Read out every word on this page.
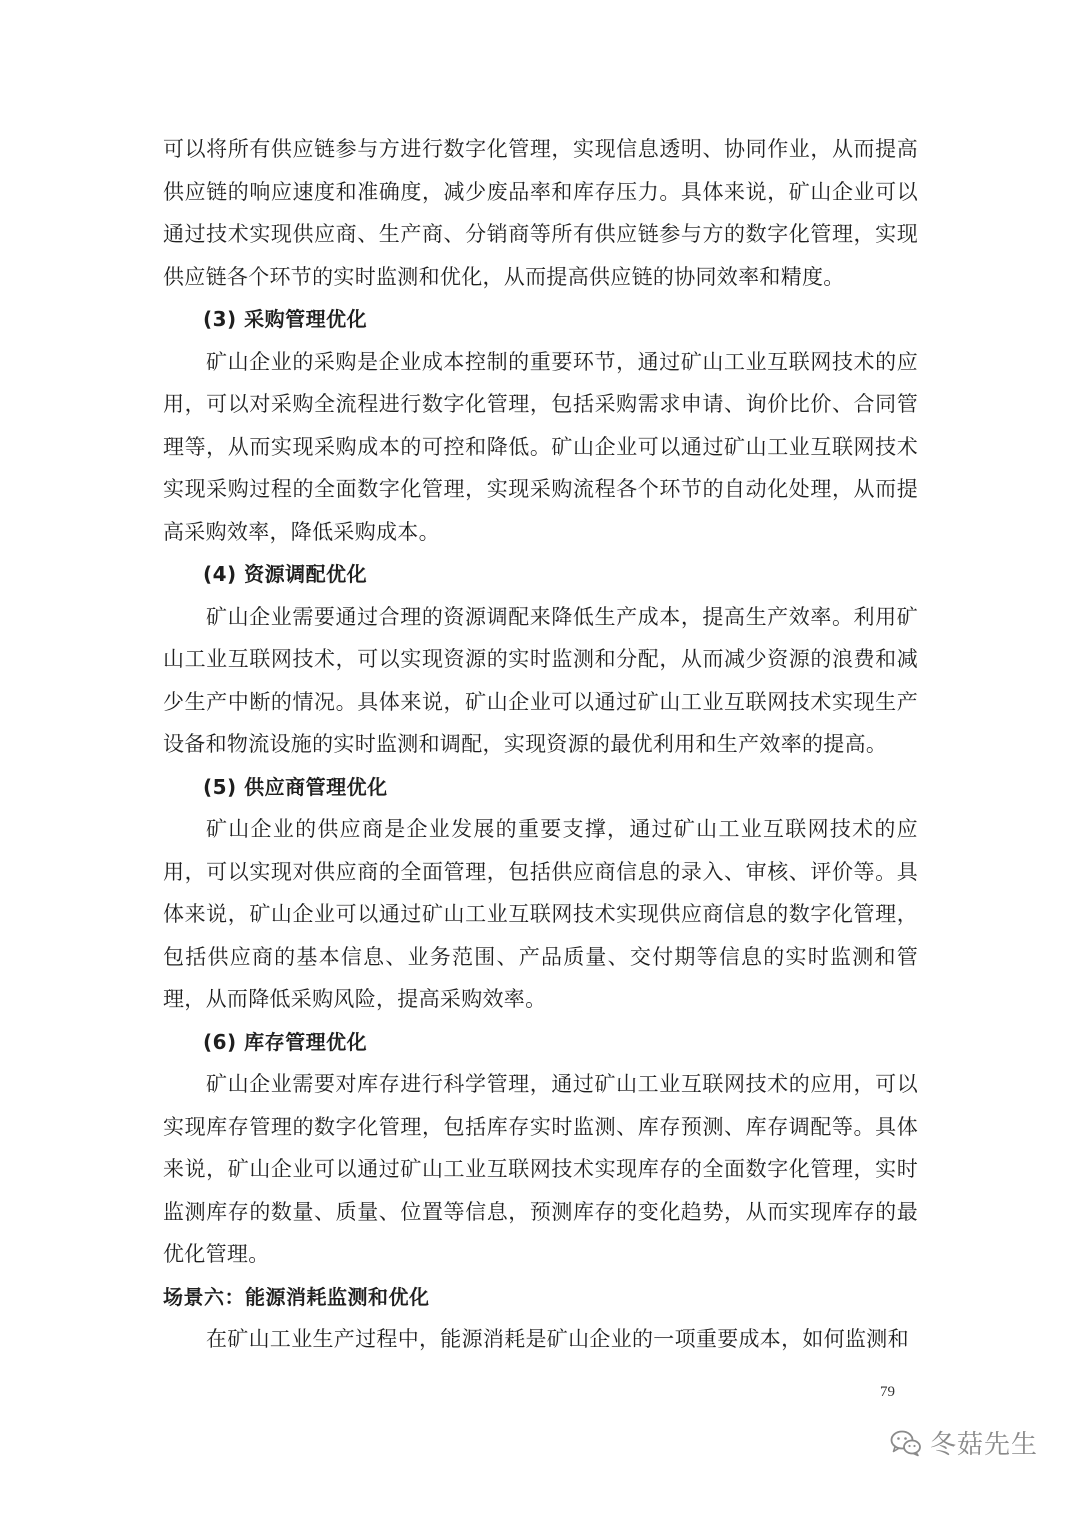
可以将所有供应链参与方进行数字化管理，实现信息透明、协同作业，从而提高供应链的响应速度和准确度，减少废品率和库存压力。具体来说，矿山企业可以通过技术实现供应商、生产商、分销商等所有供应链参与方的数字化管理，实现供应链各个环节的实时监测和优化，从而提高供应链的协同效率和精度。

(3) 采购管理优化

矿山企业的采购是企业成本控制的重要环节，通过矿山工业互联网技术的应用，可以对采购全流程进行数字化管理，包括采购需求申请、询价比价、合同管理等，从而实现采购成本的可控和降低。矿山企业可以通过矿山工业互联网技术实现采购过程的全面数字化管理，实现采购流程各个环节的自动化处理，从而提高采购效率，降低采购成本。

(4) 资源调配优化

矿山企业需要通过合理的资源调配来降低生产成本，提高生产效率。利用矿山工业互联网技术，可以实现资源的实时监测和分配，从而减少资源的浪费和减少生产中断的情况。具体来说，矿山企业可以通过矿山工业互联网技术实现生产设备和物流设施的实时监测和调配，实现资源的最优利用和生产效率的提高。

(5) 供应商管理优化

矿山企业的供应商是企业发展的重要支撑，通过矿山工业互联网技术的应用，可以实现对供应商的全面管理，包括供应商信息的录入、审核、评价等。具体来说，矿山企业可以通过矿山工业互联网技术实现供应商信息的数字化管理，包括供应商的基本信息、业务范围、产品质量、交付期等信息的实时监测和管理，从而降低采购风险，提高采购效率。

(6) 库存管理优化

矿山企业需要对库存进行科学管理，通过矿山工业互联网技术的应用，可以实现库存管理的数字化管理，包括库存实时监测、库存预测、库存调配等。具体来说，矿山企业可以通过矿山工业互联网技术实现库存的全面数字化管理，实时监测库存的数量、质量、位置等信息，预测库存的变化趋势，从而实现库存的最优化管理。

场景六：能源消耗监测和优化

在矿山工业生产过程中，能源消耗是矿山企业的一项重要成本，如何监测和

79
冬菇先生
